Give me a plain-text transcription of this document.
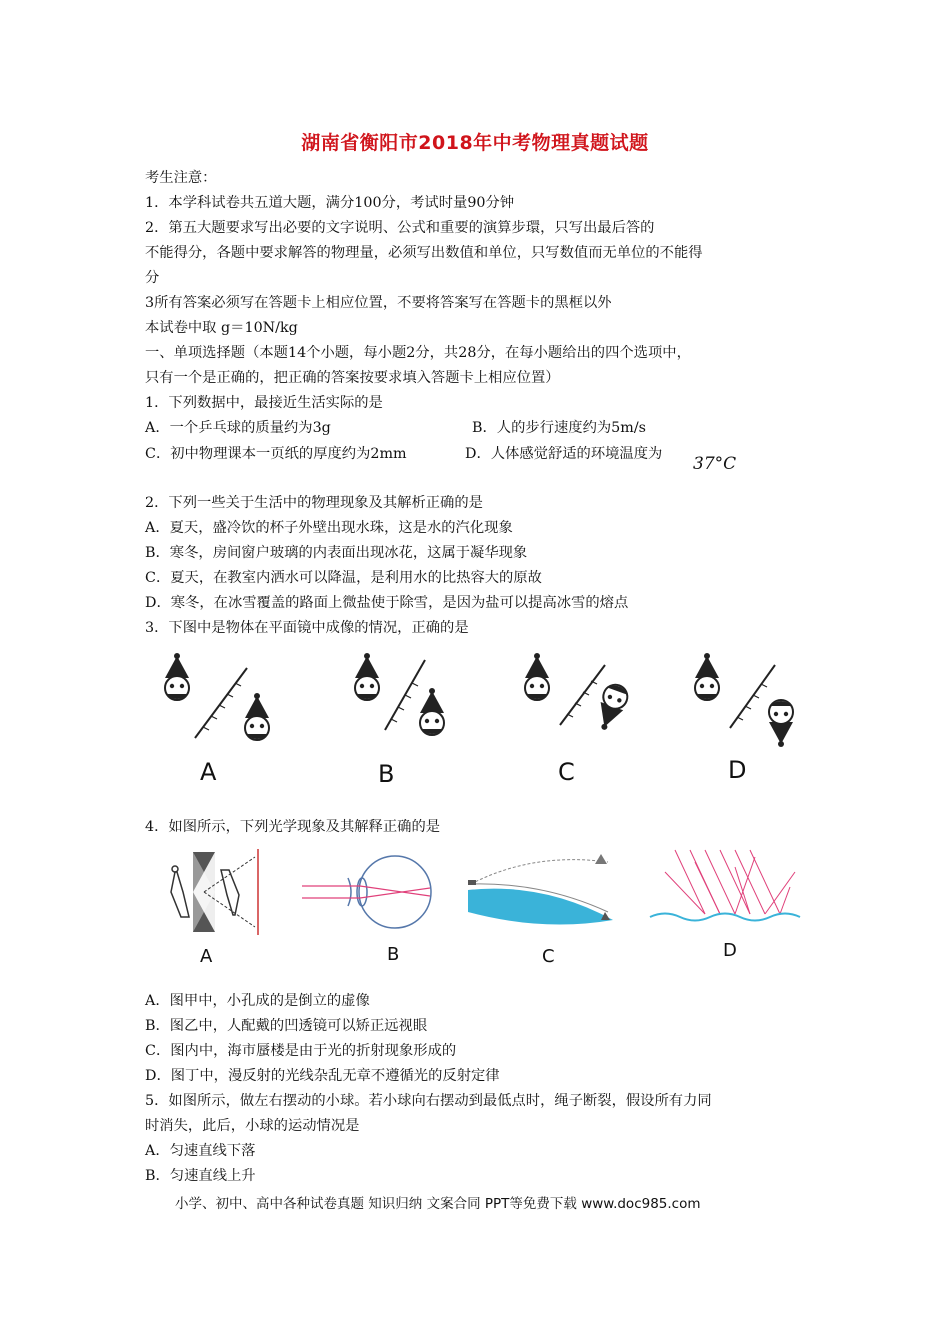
湖南省衡阳市2018年中考物理真题试题
考生注意：
1．本学科试卷共五道大题，满分100分，考试时量90分钟
2．第五大题要求写出必要的文字说明、公式和重要的演算步環，只写出最后答的
不能得分，各题中要求解答的物理量，必须写出数值和单位，只写数值而无单位的不能得
分
3所有答案必须写在答题卡上相应位置，不要将答案写在答题卡的黑框以外
本试卷中取 g＝10N/kg
一、单项选择题（本题14个小题，每小题2分，共28分，在每小题给出的四个选项中，
只有一个是正确的，把正确的答案按要求填入答题卡上相应位置）
1．下列数据中，最接近生活实际的是
A．一个乒乓球的质量约为3g	B．人的步行速度约为5m/s
C．初中物理课本一页纸的厚度约为2mm	D．人体感觉舒适的环境温度为 37°C
2．下列一些关于生活中的物理现象及其解析正确的是
A．夏天，盛冷饮的杯子外壁出现水珠，这是水的汽化现象
B．寒冬，房间窗户玻璃的内表面出现冰花，这属于凝华现象
C．夏天，在教室内洒水可以降温，是利用水的比热容大的原故
D．寒冬，在冰雪覆盖的路面上微盐使于除雪，是因为盐可以提高冰雪的熔点
3．下图中是物体在平面镜中成像的情况，正确的是
A	B	C	D
4．如图所示，下列光学现象及其解释正确的是
A	B	C	D
A．图甲中，小孔成的是倒立的虚像
B．图乙中，人配戴的凹透镜可以矫正远视眼
C．图内中，海市蜃楼是由于光的折射现象形成的
D．图丁中，漫反射的光线杂乱无章不遵循光的反射定律
5．如图所示，做左右摆动的小球。若小球向右摆动到最低点时，绳子断裂，假设所有力同
时消失，此后，小球的运动情况是
A．匀速直线下落
B．匀速直线上升
小学、初中、高中各种试卷真题 知识归纳 文案合同 PPT等免费下载 www.doc985.com
